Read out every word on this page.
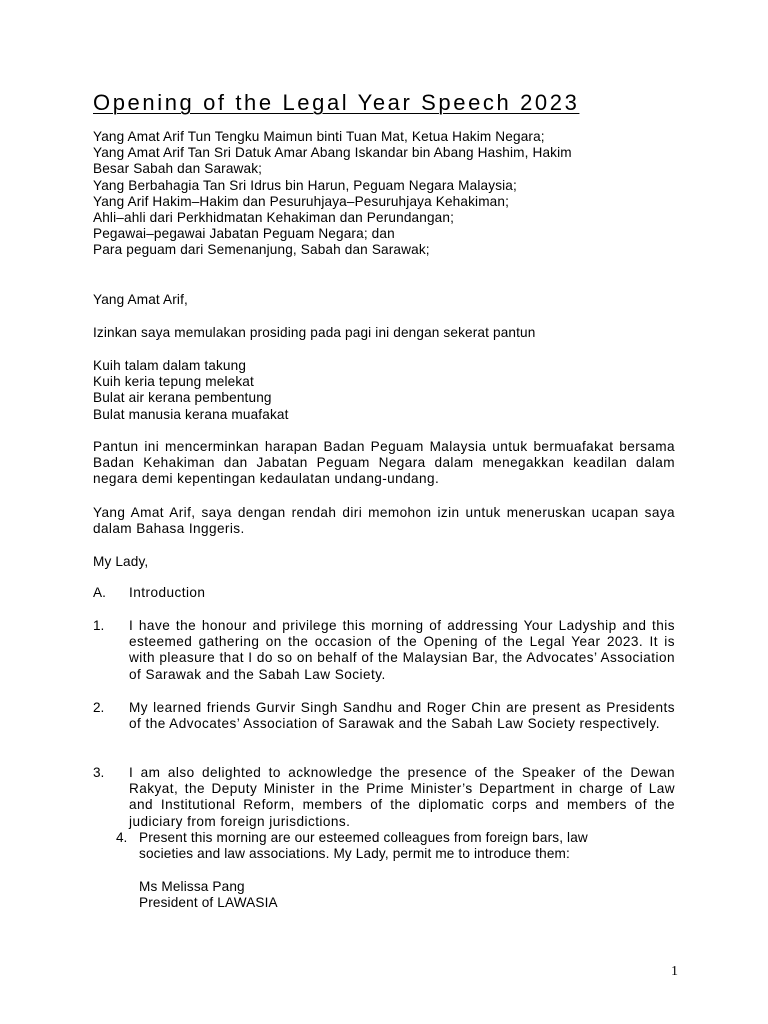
Opening of the Legal Year Speech 2023
Yang Amat Arif Tun Tengku Maimun binti Tuan Mat, Ketua Hakim Negara;
Yang Amat Arif Tan Sri Datuk Amar Abang Iskandar bin Abang Hashim, Hakim
Besar Sabah dan Sarawak;
Yang Berbahagia Tan Sri Idrus bin Harun, Peguam Negara Malaysia;
Yang Arif Hakim–Hakim dan Pesuruhjaya–Pesuruhjaya Kehakiman;
Ahli–ahli dari Perkhidmatan Kehakiman dan Perundangan;
Pegawai–pegawai Jabatan Peguam Negara; dan
Para peguam dari Semenanjung, Sabah dan Sarawak;
Yang Amat Arif,
Izinkan saya memulakan prosiding pada pagi ini dengan sekerat pantun
Kuih talam dalam takung
Kuih keria tepung melekat
Bulat air kerana pembentung
Bulat manusia kerana muafakat
Pantun ini mencerminkan harapan Badan Peguam Malaysia untuk bermuafakat bersama Badan Kehakiman dan Jabatan Peguam Negara dalam menegakkan keadilan dalam negara demi kepentingan kedaulatan undang-undang.
Yang Amat Arif, saya dengan rendah diri memohon izin untuk meneruskan ucapan saya dalam Bahasa Inggeris.
My Lady,
A.	Introduction
1.	I have the honour and privilege this morning of addressing Your Ladyship and this esteemed gathering on the occasion of the Opening of the Legal Year 2023. It is with pleasure that I do so on behalf of the Malaysian Bar, the Advocates’ Association of Sarawak and the Sabah Law Society.
2.	My learned friends Gurvir Singh Sandhu and Roger Chin are present as Presidents of the Advocates’ Association of Sarawak and the Sabah Law Society respectively.
3.	I am also delighted to acknowledge the presence of the Speaker of the Dewan Rakyat, the Deputy Minister in the Prime Minister’s Department in charge of Law and Institutional Reform, members of the diplomatic corps and members of the judiciary from foreign jurisdictions.
4. Present this morning are our esteemed colleagues from foreign bars, law
societies and law associations. My Lady, permit me to introduce them:
Ms Melissa Pang
President of LAWASIA
1
